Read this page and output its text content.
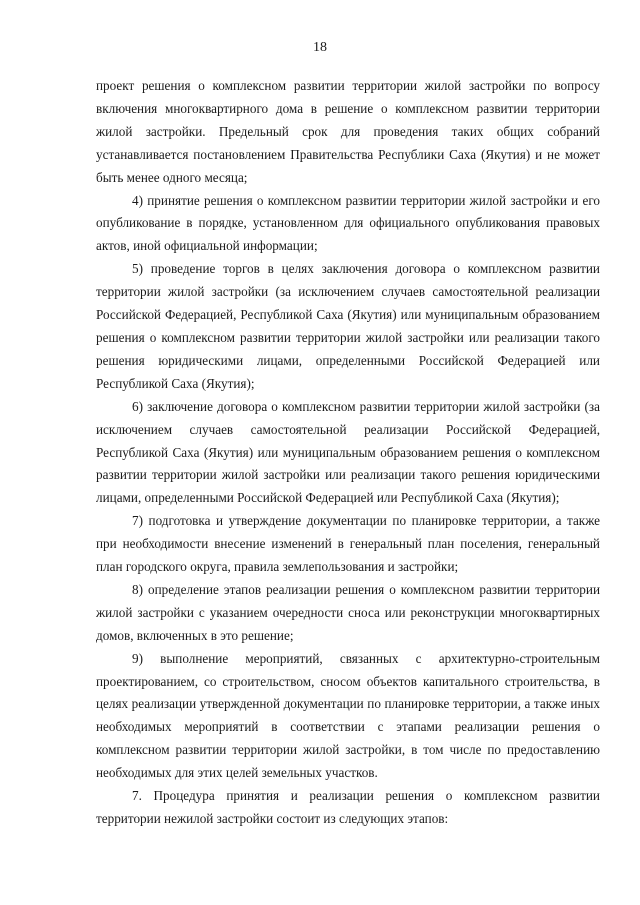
18

проект решения о комплексном развитии территории жилой застройки по вопросу включения многоквартирного дома в решение о комплексном развитии территории жилой застройки. Предельный срок для проведения таких общих собраний устанавливается постановлением Правительства Республики Саха (Якутия) и не может быть менее одного месяца;

4) принятие решения о комплексном развитии территории жилой застройки и его опубликование в порядке, установленном для официального опубликования правовых актов, иной официальной информации;

5) проведение торгов в целях заключения договора о комплексном развитии территории жилой застройки (за исключением случаев самостоятельной реализации Российской Федерацией, Республикой Саха (Якутия) или муниципальным образованием решения о комплексном развитии территории жилой застройки или реализации такого решения юридическими лицами, определенными Российской Федерацией или Республикой Саха (Якутия);

6) заключение договора о комплексном развитии территории жилой застройки (за исключением случаев самостоятельной реализации Российской Федерацией, Республикой Саха (Якутия) или муниципальным образованием решения о комплексном развитии территории жилой застройки или реализации такого решения юридическими лицами, определенными Российской Федерацией или Республикой Саха (Якутия);

7) подготовка и утверждение документации по планировке территории, а также при необходимости внесение изменений в генеральный план поселения, генеральный план городского округа, правила землепользования и застройки;

8) определение этапов реализации решения о комплексном развитии территории жилой застройки с указанием очередности сноса или реконструкции многоквартирных домов, включенных в это решение;

9) выполнение мероприятий, связанных с архитектурно-строительным проектированием, со строительством, сносом объектов капитального строительства, в целях реализации утвержденной документации по планировке территории, а также иных необходимых мероприятий в соответствии с этапами реализации решения о комплексном развитии территории жилой застройки, в том числе по предоставлению необходимых для этих целей земельных участков.

7. Процедура принятия и реализации решения о комплексном развитии территории нежилой застройки состоит из следующих этапов:
